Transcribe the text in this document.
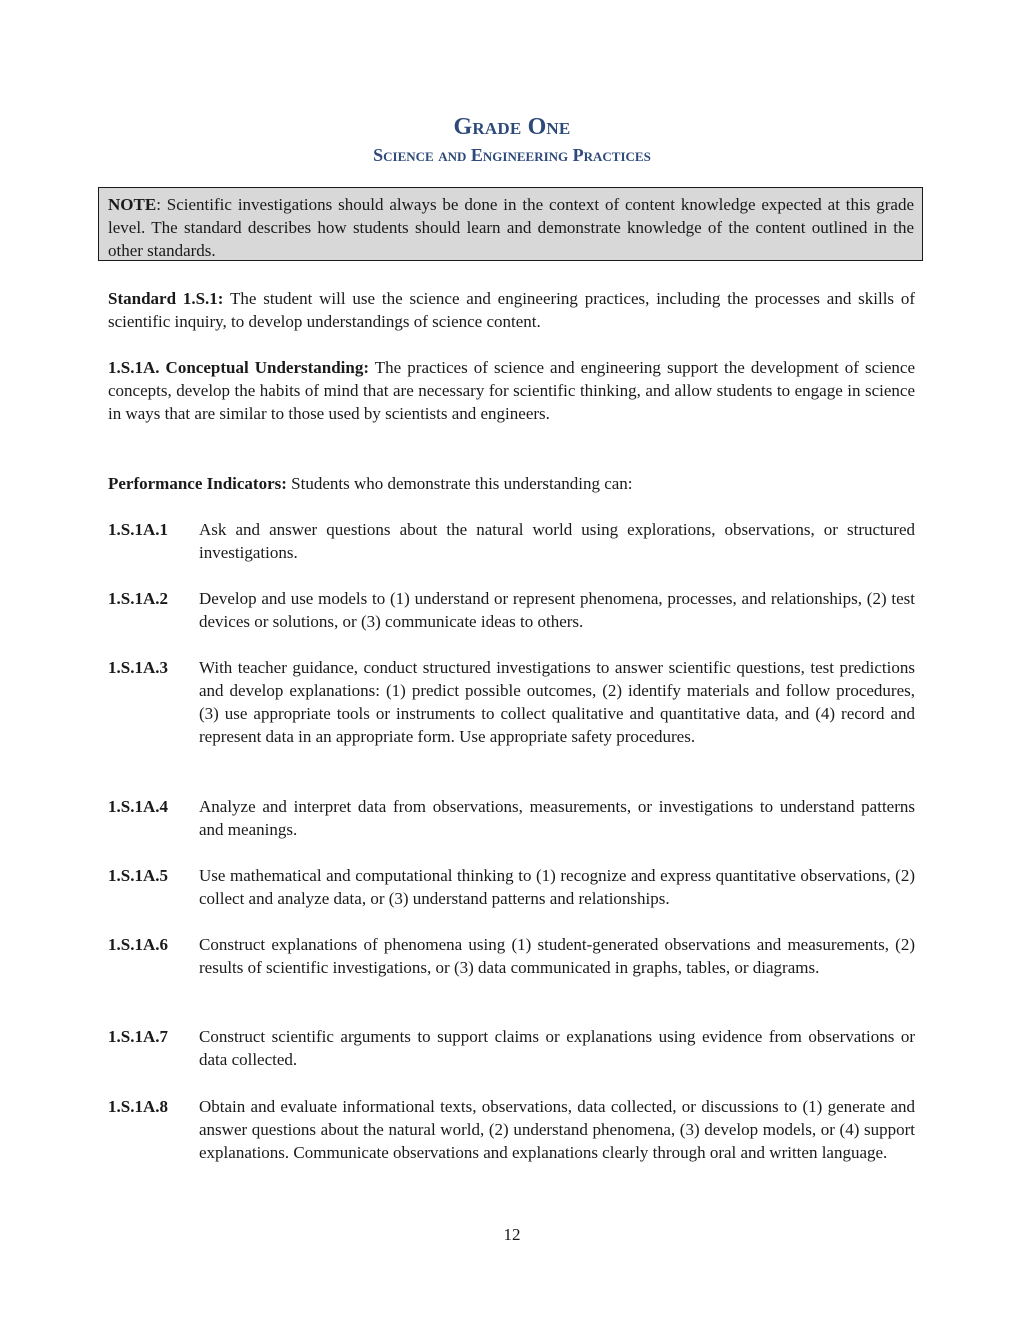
Grade One
Science and Engineering Practices
NOTE: Scientific investigations should always be done in the context of content knowledge expected at this grade level. The standard describes how students should learn and demonstrate knowledge of the content outlined in the other standards.

Standard 1.S.1: The student will use the science and engineering practices, including the processes and skills of scientific inquiry, to develop understandings of science content.

1.S.1A. Conceptual Understanding: The practices of science and engineering support the development of science concepts, develop the habits of mind that are necessary for scientific thinking, and allow students to engage in science in ways that are similar to those used by scientists and engineers.

Performance Indicators: Students who demonstrate this understanding can:

1.S.1A.1	Ask and answer questions about the natural world using explorations, observations, or structured investigations.
1.S.1A.2	Develop and use models to (1) understand or represent phenomena, processes, and relationships, (2) test devices or solutions, or (3) communicate ideas to others.
1.S.1A.3	With teacher guidance, conduct structured investigations to answer scientific questions, test predictions and develop explanations: (1) predict possible outcomes, (2) identify materials and follow procedures, (3) use appropriate tools or instruments to collect qualitative and quantitative data, and (4) record and represent data in an appropriate form. Use appropriate safety procedures.
1.S.1A.4	Analyze and interpret data from observations, measurements, or investigations to understand patterns and meanings.
1.S.1A.5	Use mathematical and computational thinking to (1) recognize and express quantitative observations, (2) collect and analyze data, or (3) understand patterns and relationships.
1.S.1A.6	Construct explanations of phenomena using (1) student-generated observations and measurements, (2) results of scientific investigations, or (3) data communicated in graphs, tables, or diagrams.
1.S.1A.7	Construct scientific arguments to support claims or explanations using evidence from observations or data collected.
1.S.1A.8	Obtain and evaluate informational texts, observations, data collected, or discussions to (1) generate and answer questions about the natural world, (2) understand phenomena, (3) develop models, or (4) support explanations. Communicate observations and explanations clearly through oral and written language.
12
